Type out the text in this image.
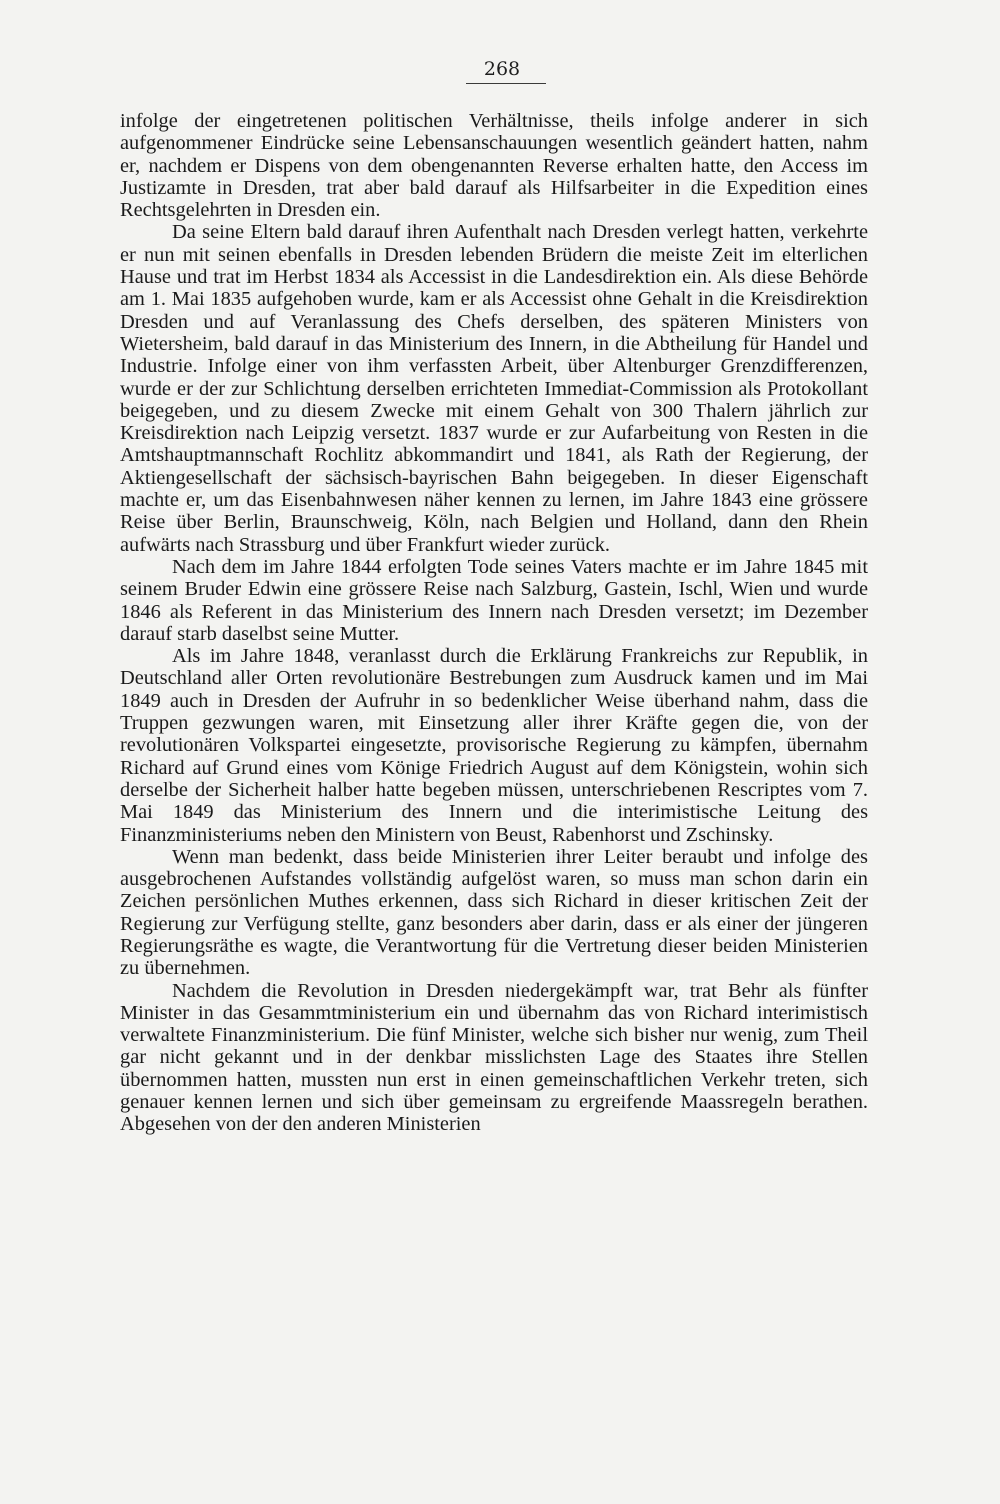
268

infolge der eingetretenen politischen Verhältnisse, theils infolge anderer in sich aufgenommener Eindrücke seine Lebensanschauungen wesentlich geändert hatten, nahm er, nachdem er Dispens von dem obengenannten Reverse erhalten hatte, den Access im Justizamte in Dresden, trat aber bald darauf als Hilfsarbeiter in die Expedition eines Rechtsgelehrten in Dresden ein.

Da seine Eltern bald darauf ihren Aufenthalt nach Dresden verlegt hatten, verkehrte er nun mit seinen ebenfalls in Dresden lebenden Brüdern die meiste Zeit im elterlichen Hause und trat im Herbst 1834 als Accessist in die Landesdirektion ein. Als diese Behörde am 1. Mai 1835 aufgehoben wurde, kam er als Accessist ohne Gehalt in die Kreisdirektion Dresden und auf Veranlassung des Chefs derselben, des späteren Ministers von Wietersheim, bald darauf in das Ministerium des Innern, in die Abtheilung für Handel und Industrie. Infolge einer von ihm verfassten Arbeit, über Altenburger Grenzdifferenzen, wurde er der zur Schlichtung derselben errichteten Immediat-Commission als Protokollant beigegeben, und zu diesem Zwecke mit einem Gehalt von 300 Thalern jährlich zur Kreisdirektion nach Leipzig versetzt. 1837 wurde er zur Aufarbeitung von Resten in die Amtshauptmannschaft Rochlitz abkommandirt und 1841, als Rath der Regierung, der Aktiengesellschaft der sächsisch-bayrischen Bahn beigegeben. In dieser Eigenschaft machte er, um das Eisenbahnwesen näher kennen zu lernen, im Jahre 1843 eine grössere Reise über Berlin, Braunschweig, Köln, nach Belgien und Holland, dann den Rhein aufwärts nach Strassburg und über Frankfurt wieder zurück.

Nach dem im Jahre 1844 erfolgten Tode seines Vaters machte er im Jahre 1845 mit seinem Bruder Edwin eine grössere Reise nach Salzburg, Gastein, Ischl, Wien und wurde 1846 als Referent in das Ministerium des Innern nach Dresden versetzt; im Dezember darauf starb daselbst seine Mutter.

Als im Jahre 1848, veranlasst durch die Erklärung Frankreichs zur Republik, in Deutschland aller Orten revolutionäre Bestrebungen zum Ausdruck kamen und im Mai 1849 auch in Dresden der Aufruhr in so bedenklicher Weise überhand nahm, dass die Truppen gezwungen waren, mit Einsetzung aller ihrer Kräfte gegen die, von der revolutionären Volkspartei eingesetzte, provisorische Regierung zu kämpfen, übernahm Richard auf Grund eines vom Könige Friedrich August auf dem Königstein, wohin sich derselbe der Sicherheit halber hatte begeben müssen, unterschriebenen Rescriptes vom 7. Mai 1849 das Ministerium des Innern und die interimistische Leitung des Finanzministeriums neben den Ministern von Beust, Rabenhorst und Zschinsky.

Wenn man bedenkt, dass beide Ministerien ihrer Leiter beraubt und infolge des ausgebrochenen Aufstandes vollständig aufgelöst waren, so muss man schon darin ein Zeichen persönlichen Muthes erkennen, dass sich Richard in dieser kritischen Zeit der Regierung zur Verfügung stellte, ganz besonders aber darin, dass er als einer der jüngeren Regierungsräthe es wagte, die Verantwortung für die Vertretung dieser beiden Ministerien zu übernehmen.

Nachdem die Revolution in Dresden niedergekämpft war, trat Behr als fünfter Minister in das Gesammtministerium ein und übernahm das von Richard interimistisch verwaltete Finanzministerium. Die fünf Minister, welche sich bisher nur wenig, zum Theil gar nicht gekannt und in der denkbar misslichsten Lage des Staates ihre Stellen übernommen hatten, mussten nun erst in einen gemeinschaftlichen Verkehr treten, sich genauer kennen lernen und sich über gemeinsam zu ergreifende Maassregeln berathen. Abgesehen von der den anderen Ministerien
